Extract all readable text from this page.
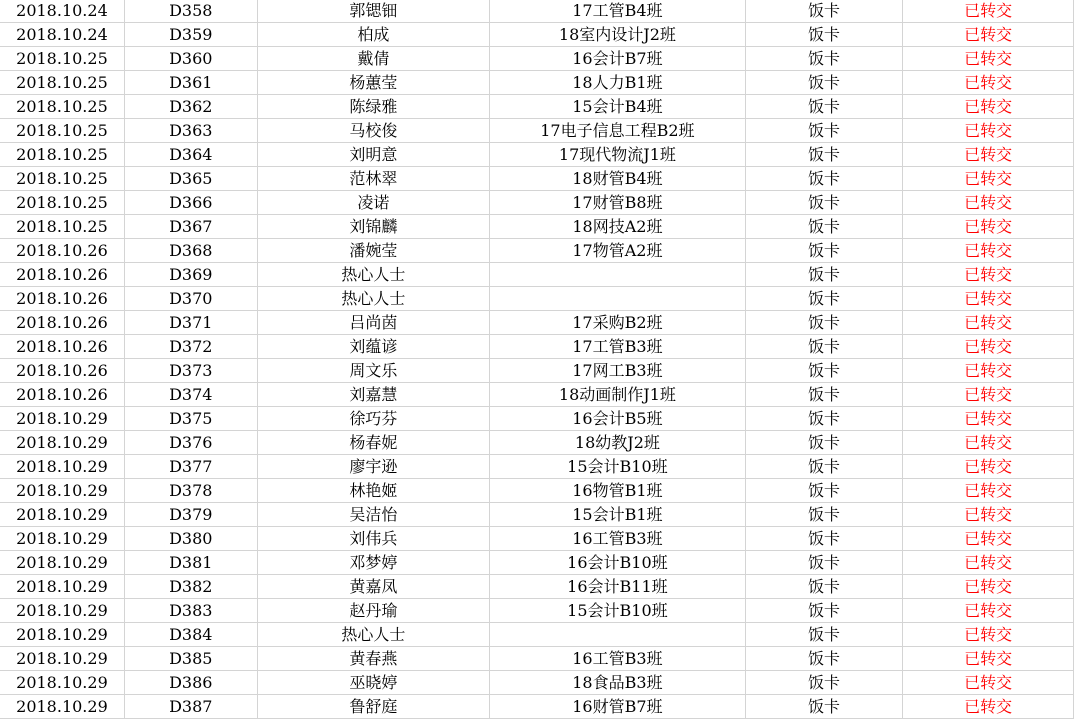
2018.10.24	D358	郭锶钿	17工管B4班	饭卡	已转交
2018.10.24	D359	柏成	18室内设计J2班	饭卡	已转交
2018.10.25	D360	戴倩	16会计B7班	饭卡	已转交
2018.10.25	D361	杨蕙莹	18人力B1班	饭卡	已转交
2018.10.25	D362	陈绿雅	15会计B4班	饭卡	已转交
2018.10.25	D363	马校俊	17电子信息工程B2班	饭卡	已转交
2018.10.25	D364	刘明意	17现代物流J1班	饭卡	已转交
2018.10.25	D365	范林翠	18财管B4班	饭卡	已转交
2018.10.25	D366	凌诺	17财管B8班	饭卡	已转交
2018.10.25	D367	刘锦麟	18网技A2班	饭卡	已转交
2018.10.26	D368	潘婉莹	17物管A2班	饭卡	已转交
2018.10.26	D369	热心人士		饭卡	已转交
2018.10.26	D370	热心人士		饭卡	已转交
2018.10.26	D371	吕尚茵	17采购B2班	饭卡	已转交
2018.10.26	D372	刘蕴谚	17工管B3班	饭卡	已转交
2018.10.26	D373	周文乐	17网工B3班	饭卡	已转交
2018.10.26	D374	刘嘉慧	18动画制作J1班	饭卡	已转交
2018.10.29	D375	徐巧芬	16会计B5班	饭卡	已转交
2018.10.29	D376	杨春妮	18幼教J2班	饭卡	已转交
2018.10.29	D377	廖宇逊	15会计B10班	饭卡	已转交
2018.10.29	D378	林艳姬	16物管B1班	饭卡	已转交
2018.10.29	D379	吴洁怡	15会计B1班	饭卡	已转交
2018.10.29	D380	刘伟兵	16工管B3班	饭卡	已转交
2018.10.29	D381	邓梦婷	16会计B10班	饭卡	已转交
2018.10.29	D382	黄嘉凤	16会计B11班	饭卡	已转交
2018.10.29	D383	赵丹瑜	15会计B10班	饭卡	已转交
2018.10.29	D384	热心人士		饭卡	已转交
2018.10.29	D385	黄春燕	16工管B3班	饭卡	已转交
2018.10.29	D386	巫晓婷	18食品B3班	饭卡	已转交
2018.10.29	D387	鲁舒庭	16财管B7班	饭卡	已转交
